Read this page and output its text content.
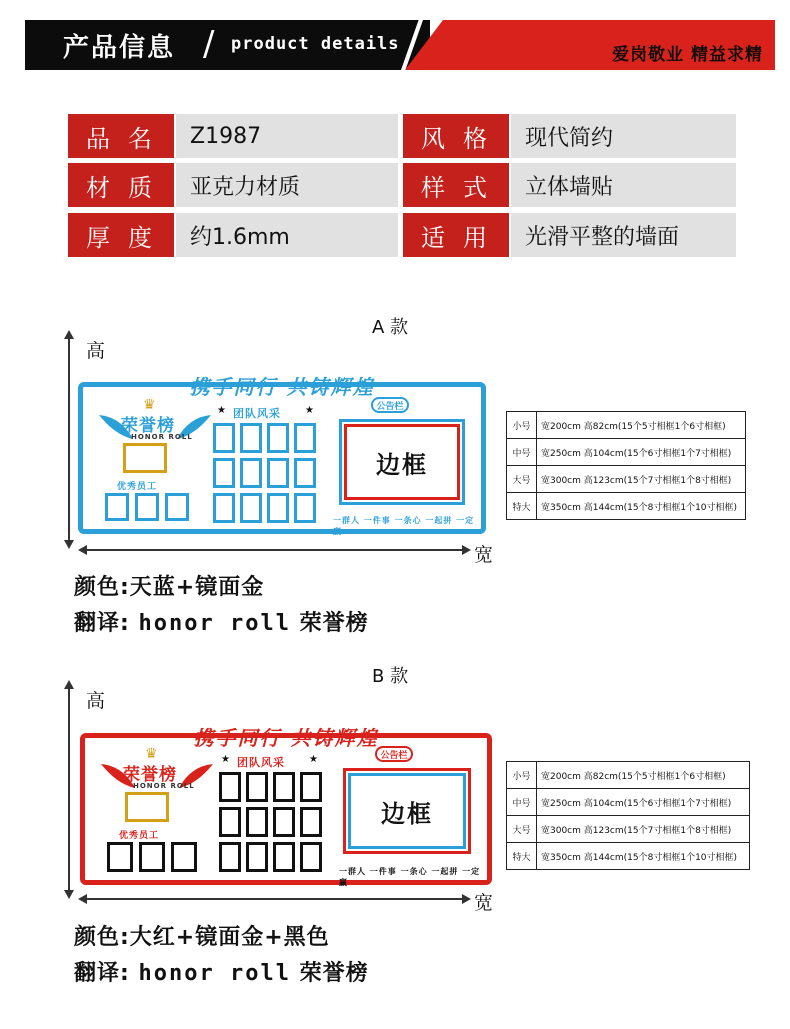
产品信息 / product details
爱岗敬业 精益求精
品名 Z1987	风格 现代简约
材质 亚克力材质	样式 立体墙贴
厚度 约1.6mm	适用 光滑平整的墙面
A 款
高
宽
携手同行 共铸辉煌
♛
荣誉榜
HONOR ROLL
优秀员工
★ 团队风采 ★	公告栏
边框
一群人 一件事 一条心 一起拼 一定赢
小号	宽200cm 高82cm(15个5寸相框1个6寸相框)
中号	宽250cm 高104cm(15个6寸相框1个7寸相框)
大号	宽300cm 高123cm(15个7寸相框1个8寸相框)
特大	宽350cm 高144cm(15个8寸相框1个10寸相框)
颜色:天蓝+镜面金
翻译: honor roll 荣誉榜
B 款
高
宽
携手同行 共铸辉煌
♛
荣誉榜
HONOR ROLL
优秀员工
★ 团队风采 ★	公告栏
边框
一群人 一件事 一条心 一起拼 一定赢
小号	宽200cm 高82cm(15个5寸相框1个6寸相框)
中号	宽250cm 高104cm(15个6寸相框1个7寸相框)
大号	宽300cm 高123cm(15个7寸相框1个8寸相框)
特大	宽350cm 高144cm(15个8寸相框1个10寸相框)
颜色:大红+镜面金+黑色
翻译: honor roll 荣誉榜
